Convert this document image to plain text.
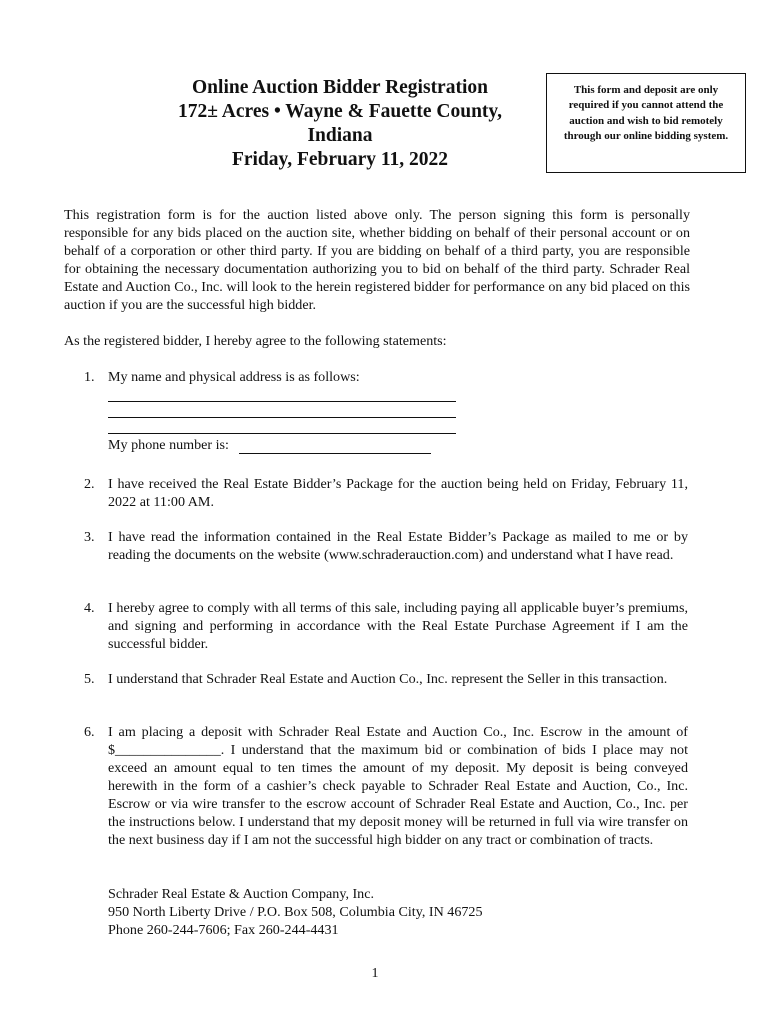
Online Auction Bidder Registration
172± Acres • Wayne & Fauette County,
Indiana
Friday, February 11, 2022
This form and deposit are only required if you cannot attend the auction and wish to bid remotely through our online bidding system.

This registration form is for the auction listed above only. The person signing this form is personally responsible for any bids placed on the auction site, whether bidding on behalf of their personal account or on behalf of a corporation or other third party. If you are bidding on behalf of a third party, you are responsible for obtaining the necessary documentation authorizing you to bid on behalf of the third party. Schrader Real Estate and Auction Co., Inc. will look to the herein registered bidder for performance on any bid placed on this auction if you are the successful high bidder.

As the registered bidder, I hereby agree to the following statements:

1. My name and physical address is as follows:
My phone number is:
2. I have received the Real Estate Bidder’s Package for the auction being held on Friday, February 11, 2022 at 11:00 AM.
3. I have read the information contained in the Real Estate Bidder’s Package as mailed to me or by reading the documents on the website (www.schraderauction.com) and understand what I have read.
4. I hereby agree to comply with all terms of this sale, including paying all applicable buyer’s premiums, and signing and performing in accordance with the Real Estate Purchase Agreement if I am the successful bidder.
5. I understand that Schrader Real Estate and Auction Co., Inc. represent the Seller in this transaction.
6. I am placing a deposit with Schrader Real Estate and Auction Co., Inc. Escrow in the amount of $_______________. I understand that the maximum bid or combination of bids I place may not exceed an amount equal to ten times the amount of my deposit. My deposit is being conveyed herewith in the form of a cashier’s check payable to Schrader Real Estate and Auction, Co., Inc. Escrow or via wire transfer to the escrow account of Schrader Real Estate and Auction, Co., Inc. per the instructions below. I understand that my deposit money will be returned in full via wire transfer on the next business day if I am not the successful high bidder on any tract or combination of tracts.
Schrader Real Estate & Auction Company, Inc.
950 North Liberty Drive / P.O. Box 508, Columbia City, IN 46725
Phone 260-244-7606; Fax 260-244-4431
1
